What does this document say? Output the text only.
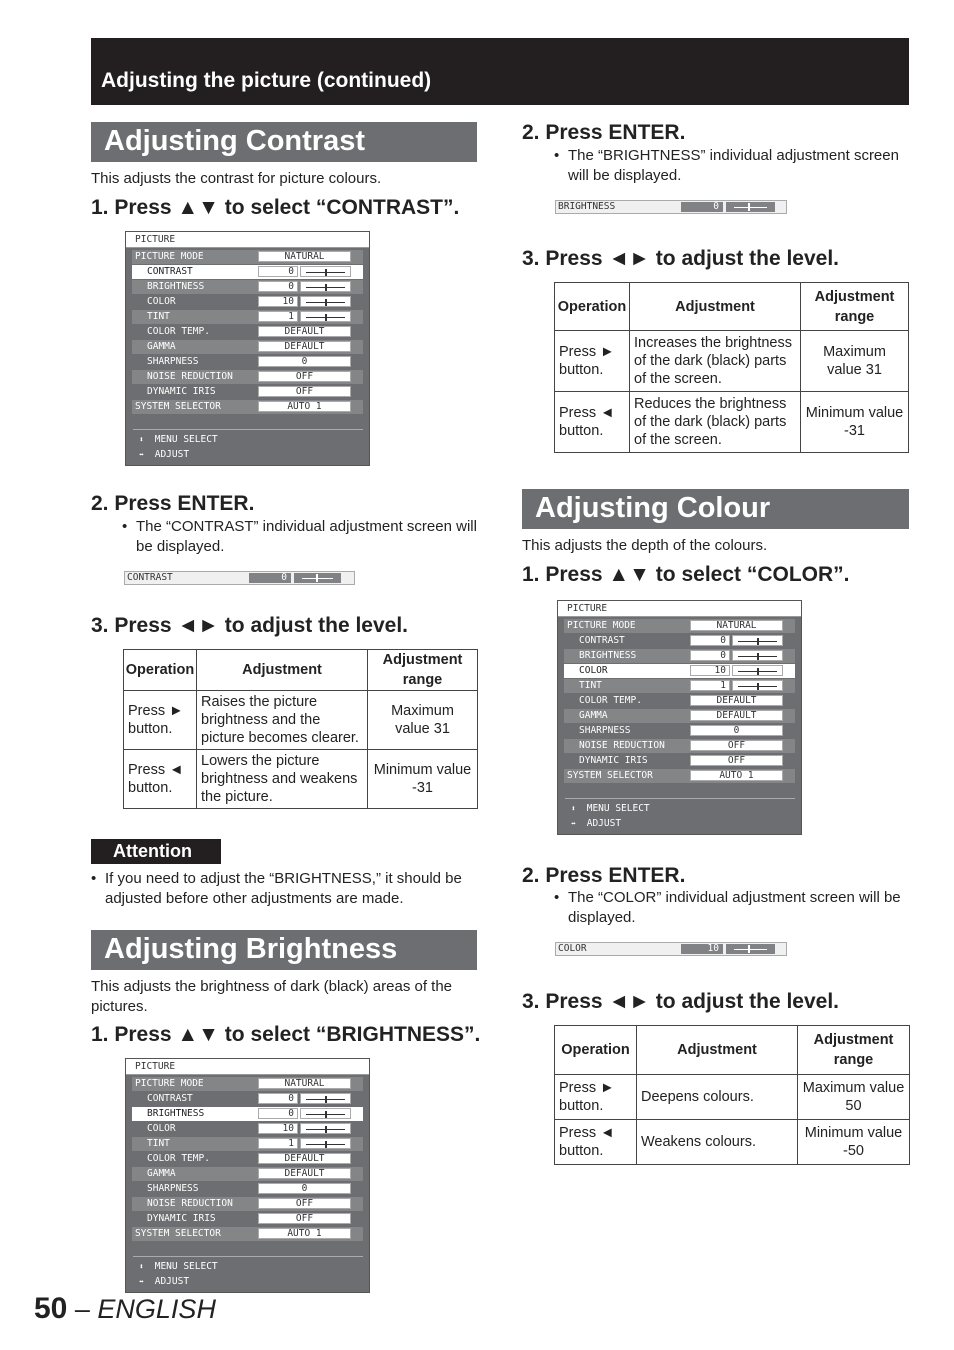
Adjusting the picture (continued)
Adjusting Contrast
This adjusts the contrast for picture colours.
1. Press ▲▼ to select “CONTRAST”.
PICTURE
PICTURE MODE	NATURAL
CONTRAST	0
BRIGHTNESS	0
COLOR	10
TINT	1
COLOR TEMP.	DEFAULT
GAMMA	DEFAULT
SHARPNESS	0
NOISE REDUCTION	OFF
DYNAMIC IRIS	OFF
SYSTEM SELECTOR	AUTO 1
⬍ MENU SELECT
⬌ ADJUST
2. Press ENTER.
• The “CONTRAST” individual adjustment screen will be displayed.
CONTRAST	0
3. Press ◄► to adjust the level.
Operation	Adjustment	Adjustment range
Press ► button.	Raises the picture brightness and the picture becomes clearer.	Maximum value 31
Press ◄ button.	Lowers the picture brightness and weakens the picture.	Minimum value -31
Attention
• If you need to adjust the “BRIGHTNESS,” it should be adjusted before other adjustments are made.
Adjusting Brightness
This adjusts the brightness of dark (black) areas of the pictures.
1. Press ▲▼ to select “BRIGHTNESS”.
PICTURE
PICTURE MODE	NATURAL
CONTRAST	0
BRIGHTNESS	0
COLOR	10
TINT	1
COLOR TEMP.	DEFAULT
GAMMA	DEFAULT
SHARPNESS	0
NOISE REDUCTION	OFF
DYNAMIC IRIS	OFF
SYSTEM SELECTOR	AUTO 1
⬍ MENU SELECT
⬌ ADJUST
2. Press ENTER.
• The “BRIGHTNESS” individual adjustment screen will be displayed.
BRIGHTNESS	0
3. Press ◄► to adjust the level.
Operation	Adjustment	Adjustment range
Press ► button.	Increases the brightness of the dark (black) parts of the screen.	Maximum value 31
Press ◄ button.	Reduces the brightness of the dark (black) parts of the screen.	Minimum value -31
Adjusting Colour
This adjusts the depth of the colours.
1. Press ▲▼ to select “COLOR”.
PICTURE
PICTURE MODE	NATURAL
CONTRAST	0
BRIGHTNESS	0
COLOR	10
TINT	1
COLOR TEMP.	DEFAULT
GAMMA	DEFAULT
SHARPNESS	0
NOISE REDUCTION	OFF
DYNAMIC IRIS	OFF
SYSTEM SELECTOR	AUTO 1
⬍ MENU SELECT
⬌ ADJUST
2. Press ENTER.
• The “COLOR” individual adjustment screen will be displayed.
COLOR	10
3. Press ◄► to adjust the level.
Operation	Adjustment	Adjustment range
Press ► button.	Deepens colours.	Maximum value 50
Press ◄ button.	Weakens colours.	Minimum value -50
50 – ENGLISH
